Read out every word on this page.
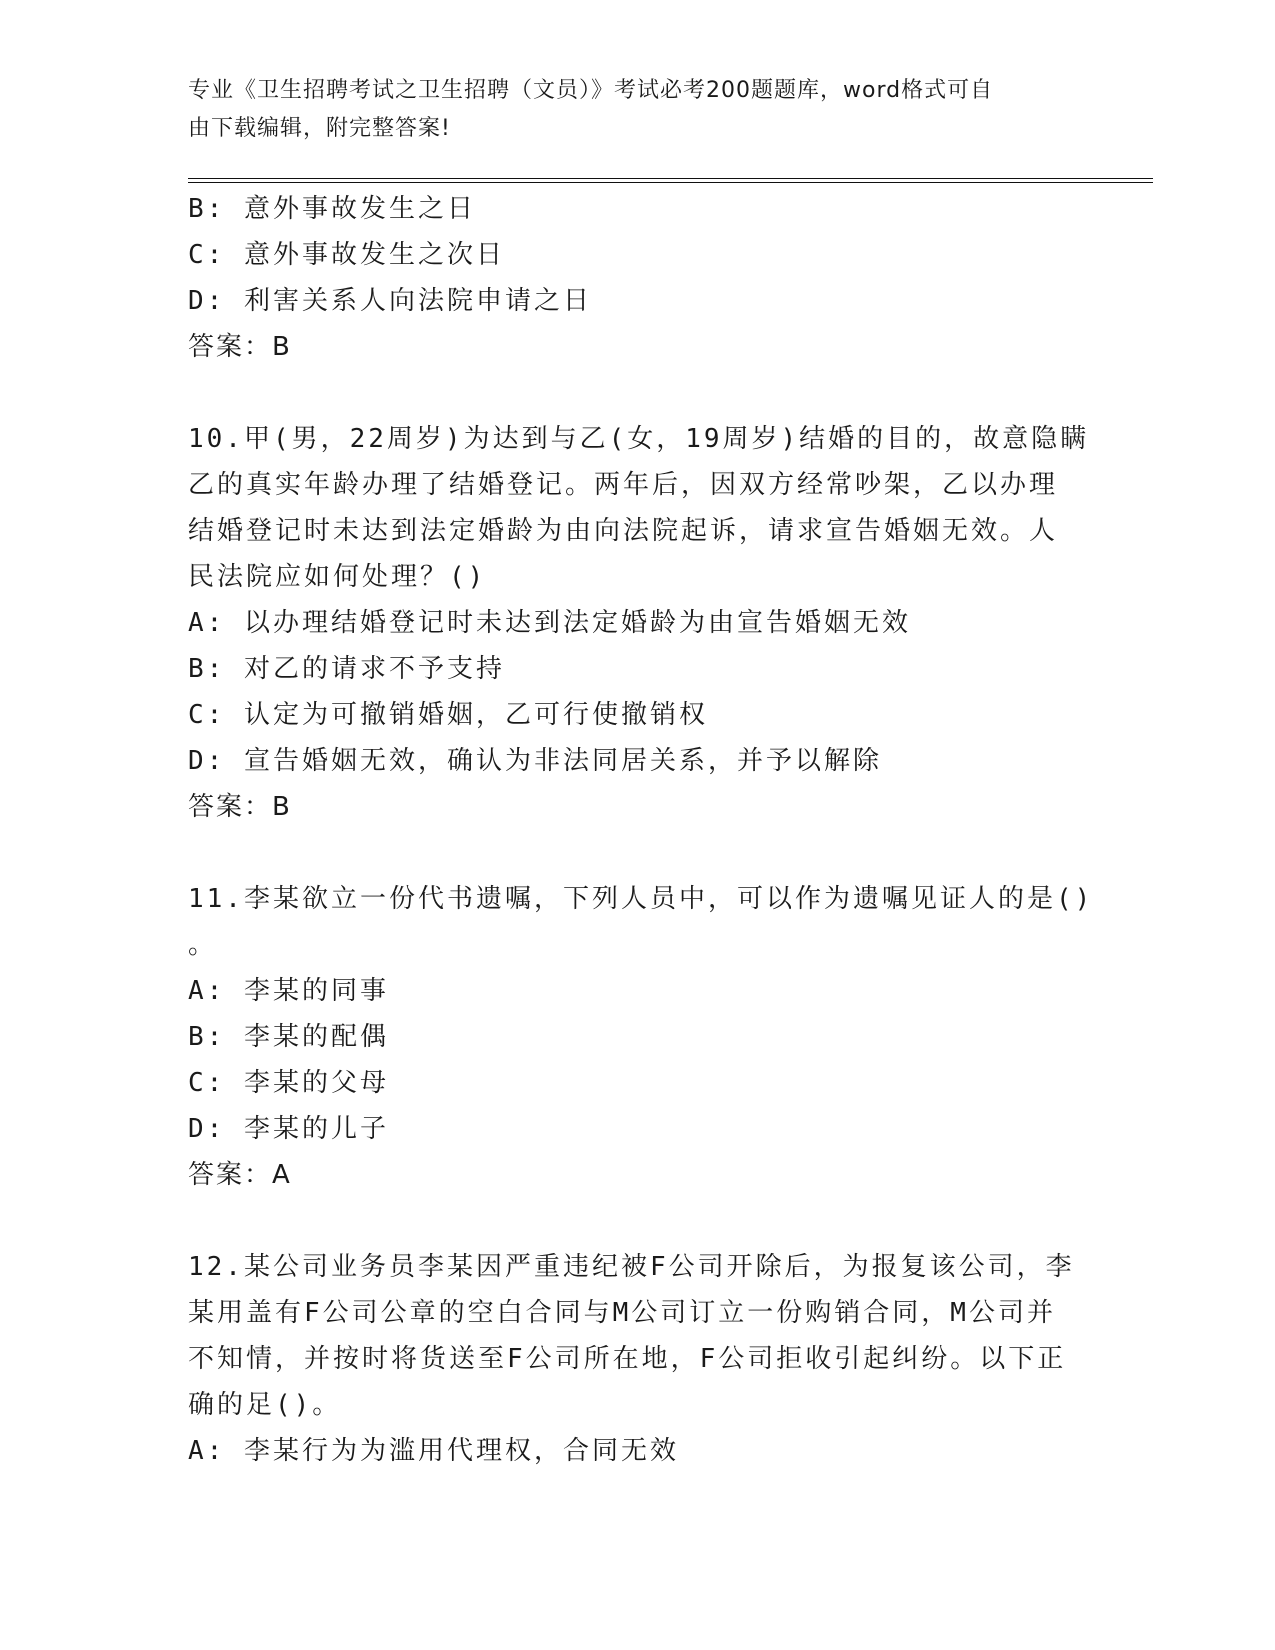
专业《卫生招聘考试之卫生招聘（文员）》考试必考200题题库，word格式可自
由下载编辑，附完整答案!
B: 意外事故发生之日
C: 意外事故发生之次日
D: 利害关系人向法院申请之日
答案：B
10.甲(男，22周岁)为达到与乙(女，19周岁)结婚的目的，故意隐瞒
乙的真实年龄办理了结婚登记。两年后，因双方经常吵架，乙以办理
结婚登记时未达到法定婚龄为由向法院起诉，请求宣告婚姻无效。人
民法院应如何处理？()
A: 以办理结婚登记时未达到法定婚龄为由宣告婚姻无效
B: 对乙的请求不予支持
C: 认定为可撤销婚姻，乙可行使撤销权
D: 宣告婚姻无效，确认为非法同居关系，并予以解除
答案：B
11.李某欲立一份代书遗嘱，下列人员中，可以作为遗嘱见证人的是()
。
A: 李某的同事
B: 李某的配偶
C: 李某的父母
D: 李某的儿子
答案：A
12.某公司业务员李某因严重违纪被F公司开除后，为报复该公司，李
某用盖有F公司公章的空白合同与M公司订立一份购销合同，M公司并
不知情，并按时将货送至F公司所在地，F公司拒收引起纠纷。以下正
确的足()。
A: 李某行为为滥用代理权，合同无效
